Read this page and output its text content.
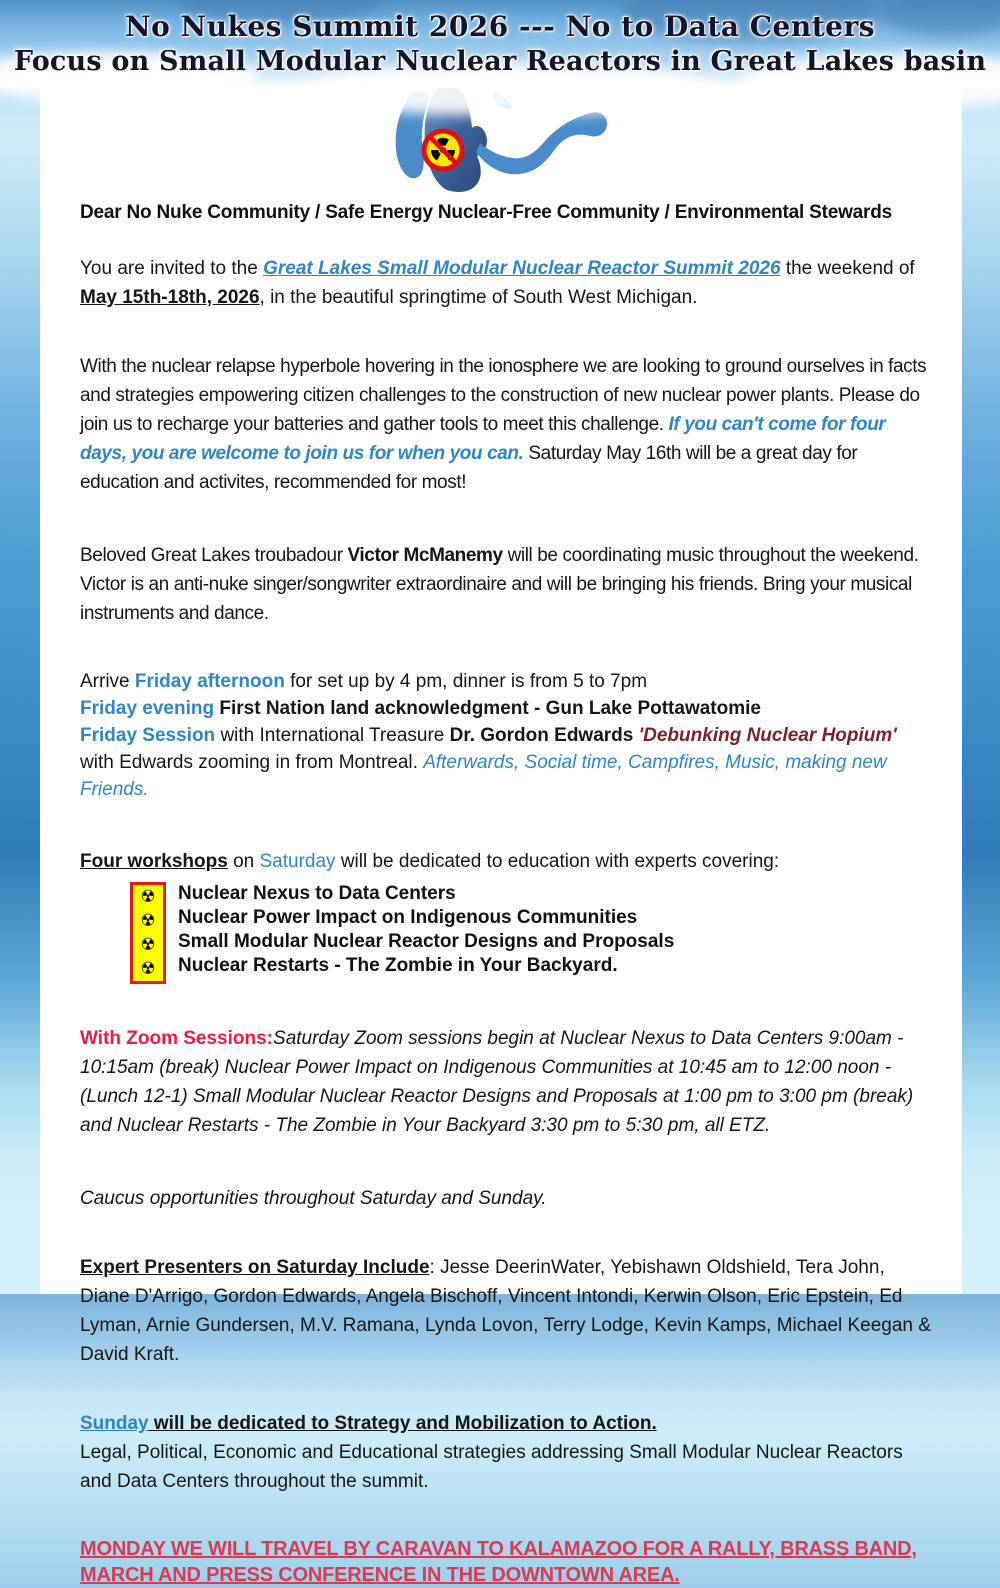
No Nukes Summit 2026 --- No to Data Centers
Focus on Small Modular Nuclear Reactors in Great Lakes basin
Dear No Nuke Community / Safe Energy Nuclear-Free Community / Environmental Stewards

You are invited to the Great Lakes Small Modular Nuclear Reactor Summit 2026 the weekend of May 15th-18th, 2026, in the beautiful springtime of South West Michigan.

With the nuclear relapse hyperbole hovering in the ionosphere we are looking to ground ourselves in facts and strategies empowering citizen challenges to the construction of new nuclear power plants. Please do join us to recharge your batteries and gather tools to meet this challenge. If you can't come for four days, you are welcome to join us for when you can. Saturday May 16th will be a great day for education and activites, recommended for most!

Beloved Great Lakes troubadour Victor McManemy will be coordinating music throughout the weekend. Victor is an anti-nuke singer/songwriter extraordinaire and will be bringing his friends. Bring your musical instruments and dance.

Arrive Friday afternoon for set up by 4 pm, dinner is from 5 to 7pm
Friday evening First Nation land acknowledgment - Gun Lake Pottawatomie
Friday Session with International Treasure Dr. Gordon Edwards 'Debunking Nuclear Hopium' with Edwards zooming in from Montreal. Afterwards, Social time, Campfires, Music, making new Friends.

Four workshops on Saturday will be dedicated to education with experts covering:

☢
☢
☢
☢
Nuclear Nexus to Data Centers
Nuclear Power Impact on Indigenous Communities
Small Modular Nuclear Reactor Designs and Proposals
Nuclear Restarts - The Zombie in Your Backyard.

With Zoom Sessions:Saturday Zoom sessions begin at Nuclear Nexus to Data Centers 9:00am - 10:15am (break) Nuclear Power Impact on Indigenous Communities at 10:45 am to 12:00 noon - (Lunch 12-1) Small Modular Nuclear Reactor Designs and Proposals at 1:00 pm to 3:00 pm (break) and Nuclear Restarts - The Zombie in Your Backyard 3:30 pm to 5:30 pm, all ETZ.

Caucus opportunities throughout Saturday and Sunday.

Expert Presenters on Saturday Include: Jesse DeerinWater, Yebishawn Oldshield, Tera John, Diane D'Arrigo, Gordon Edwards, Angela Bischoff, Vincent Intondi, Kerwin Olson, Eric Epstein, Ed Lyman, Arnie Gundersen, M.V. Ramana, Lynda Lovon, Terry Lodge, Kevin Kamps, Michael Keegan & David Kraft.

Sunday will be dedicated to Strategy and Mobilization to Action.

Legal, Political, Economic and Educational strategies addressing Small Modular Nuclear Reactors and Data Centers throughout the summit.

MONDAY WE WILL TRAVEL BY CARAVAN TO KALAMAZOO FOR A RALLY, BRASS BAND, MARCH AND PRESS CONFERENCE IN THE DOWNTOWN AREA.
